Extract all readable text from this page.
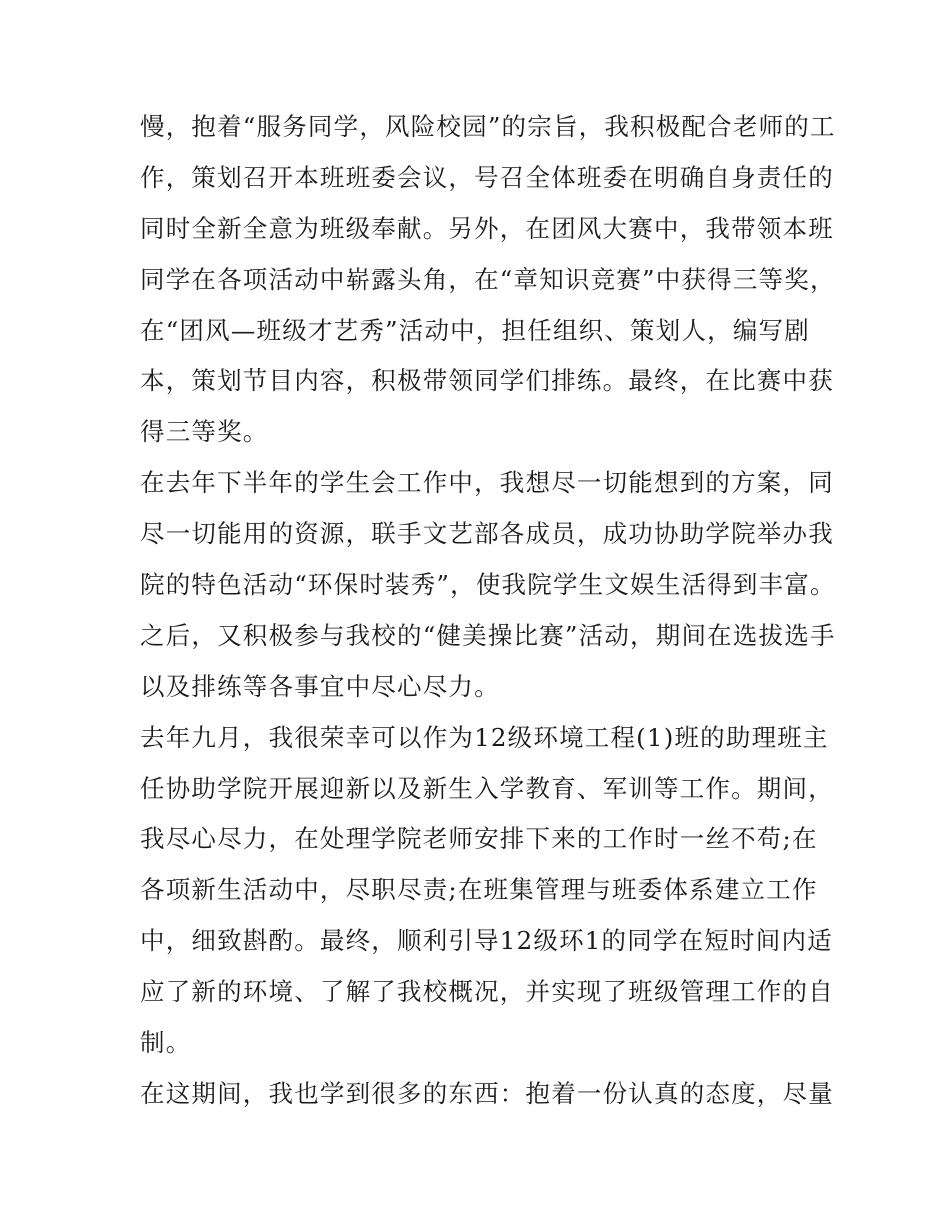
慢，抱着“服务同学，风险校园”的宗旨，我积极配合老师的工
作，策划召开本班班委会议，号召全体班委在明确自身责任的
同时全新全意为班级奉献。另外，在团风大赛中，我带领本班
同学在各项活动中崭露头角，在“章知识竞赛”中获得三等奖，
在“团风—班级才艺秀”活动中，担任组织、策划人，编写剧
本，策划节目内容，积极带领同学们排练。最终，在比赛中获
得三等奖。
在去年下半年的学生会工作中，我想尽一切能想到的方案，同
尽一切能用的资源，联手文艺部各成员，成功协助学院举办我
院的特色活动“环保时装秀”，使我院学生文娱生活得到丰富。
之后，又积极参与我校的“健美操比赛”活动，期间在选拔选手
以及排练等各事宜中尽心尽力。
去年九月，我很荣幸可以作为12级环境工程(1)班的助理班主
任协助学院开展迎新以及新生入学教育、军训等工作。期间，
我尽心尽力，在处理学院老师安排下来的工作时一丝不苟;在
各项新生活动中，尽职尽责;在班集管理与班委体系建立工作
中，细致斟酌。最终，顺利引导12级环1的同学在短时间内适
应了新的环境、了解了我校概况，并实现了班级管理工作的自
制。
在这期间，我也学到很多的东西：抱着一份认真的态度，尽量
